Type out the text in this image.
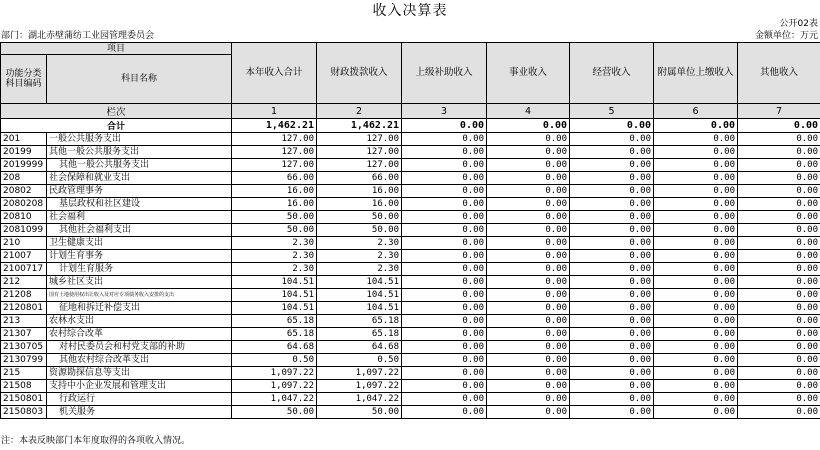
收入决算表
公开02表
部门：湖北赤壁蒲纺工业园管理委员会	金额单位：万元
项目		本年收入合计	财政拨款收入	上级补助收入	事业收入	经营收入	附属单位上缴收入	其他收入
功能分类科目编码	科目名称							
栏次		1	2	3	4	5	6	7
合计		1,462.21	1,462.21	0.00	0.00	0.00	0.00	0.00
201	一般公共服务支出	127.00	127.00	0.00	0.00	0.00	0.00	0.00
20199	其他一般公共服务支出	127.00	127.00	0.00	0.00	0.00	0.00	0.00
2019999	其他一般公共服务支出	127.00	127.00	0.00	0.00	0.00	0.00	0.00
208	社会保障和就业支出	66.00	66.00	0.00	0.00	0.00	0.00	0.00
20802	民政管理事务	16.00	16.00	0.00	0.00	0.00	0.00	0.00
2080208	基层政权和社区建设	16.00	16.00	0.00	0.00	0.00	0.00	0.00
20810	社会福利	50.00	50.00	0.00	0.00	0.00	0.00	0.00
2081099	其他社会福利支出	50.00	50.00	0.00	0.00	0.00	0.00	0.00
210	卫生健康支出	2.30	2.30	0.00	0.00	0.00	0.00	0.00
21007	计划生育事务	2.30	2.30	0.00	0.00	0.00	0.00	0.00
2100717	计划生育服务	2.30	2.30	0.00	0.00	0.00	0.00	0.00
212	城乡社区支出	104.51	104.51	0.00	0.00	0.00	0.00	0.00
21208	国有土地使用权出让收入及对应专项债务收入安排的支出	104.51	104.51	0.00	0.00	0.00	0.00	0.00
2120801	征地和拆迁补偿支出	104.51	104.51	0.00	0.00	0.00	0.00	0.00
213	农林水支出	65.18	65.18	0.00	0.00	0.00	0.00	0.00
21307	农村综合改革	65.18	65.18	0.00	0.00	0.00	0.00	0.00
2130705	对村民委员会和村党支部的补助	64.68	64.68	0.00	0.00	0.00	0.00	0.00
2130799	其他农村综合改革支出	0.50	0.50	0.00	0.00	0.00	0.00	0.00
215	资源勘探信息等支出	1,097.22	1,097.22	0.00	0.00	0.00	0.00	0.00
21508	支持中小企业发展和管理支出	1,097.22	1,097.22	0.00	0.00	0.00	0.00	0.00
2150801	行政运行	1,047.22	1,047.22	0.00	0.00	0.00	0.00	0.00
2150803	机关服务	50.00	50.00	0.00	0.00	0.00	0.00	0.00
注：本表反映部门本年度取得的各项收入情况。
